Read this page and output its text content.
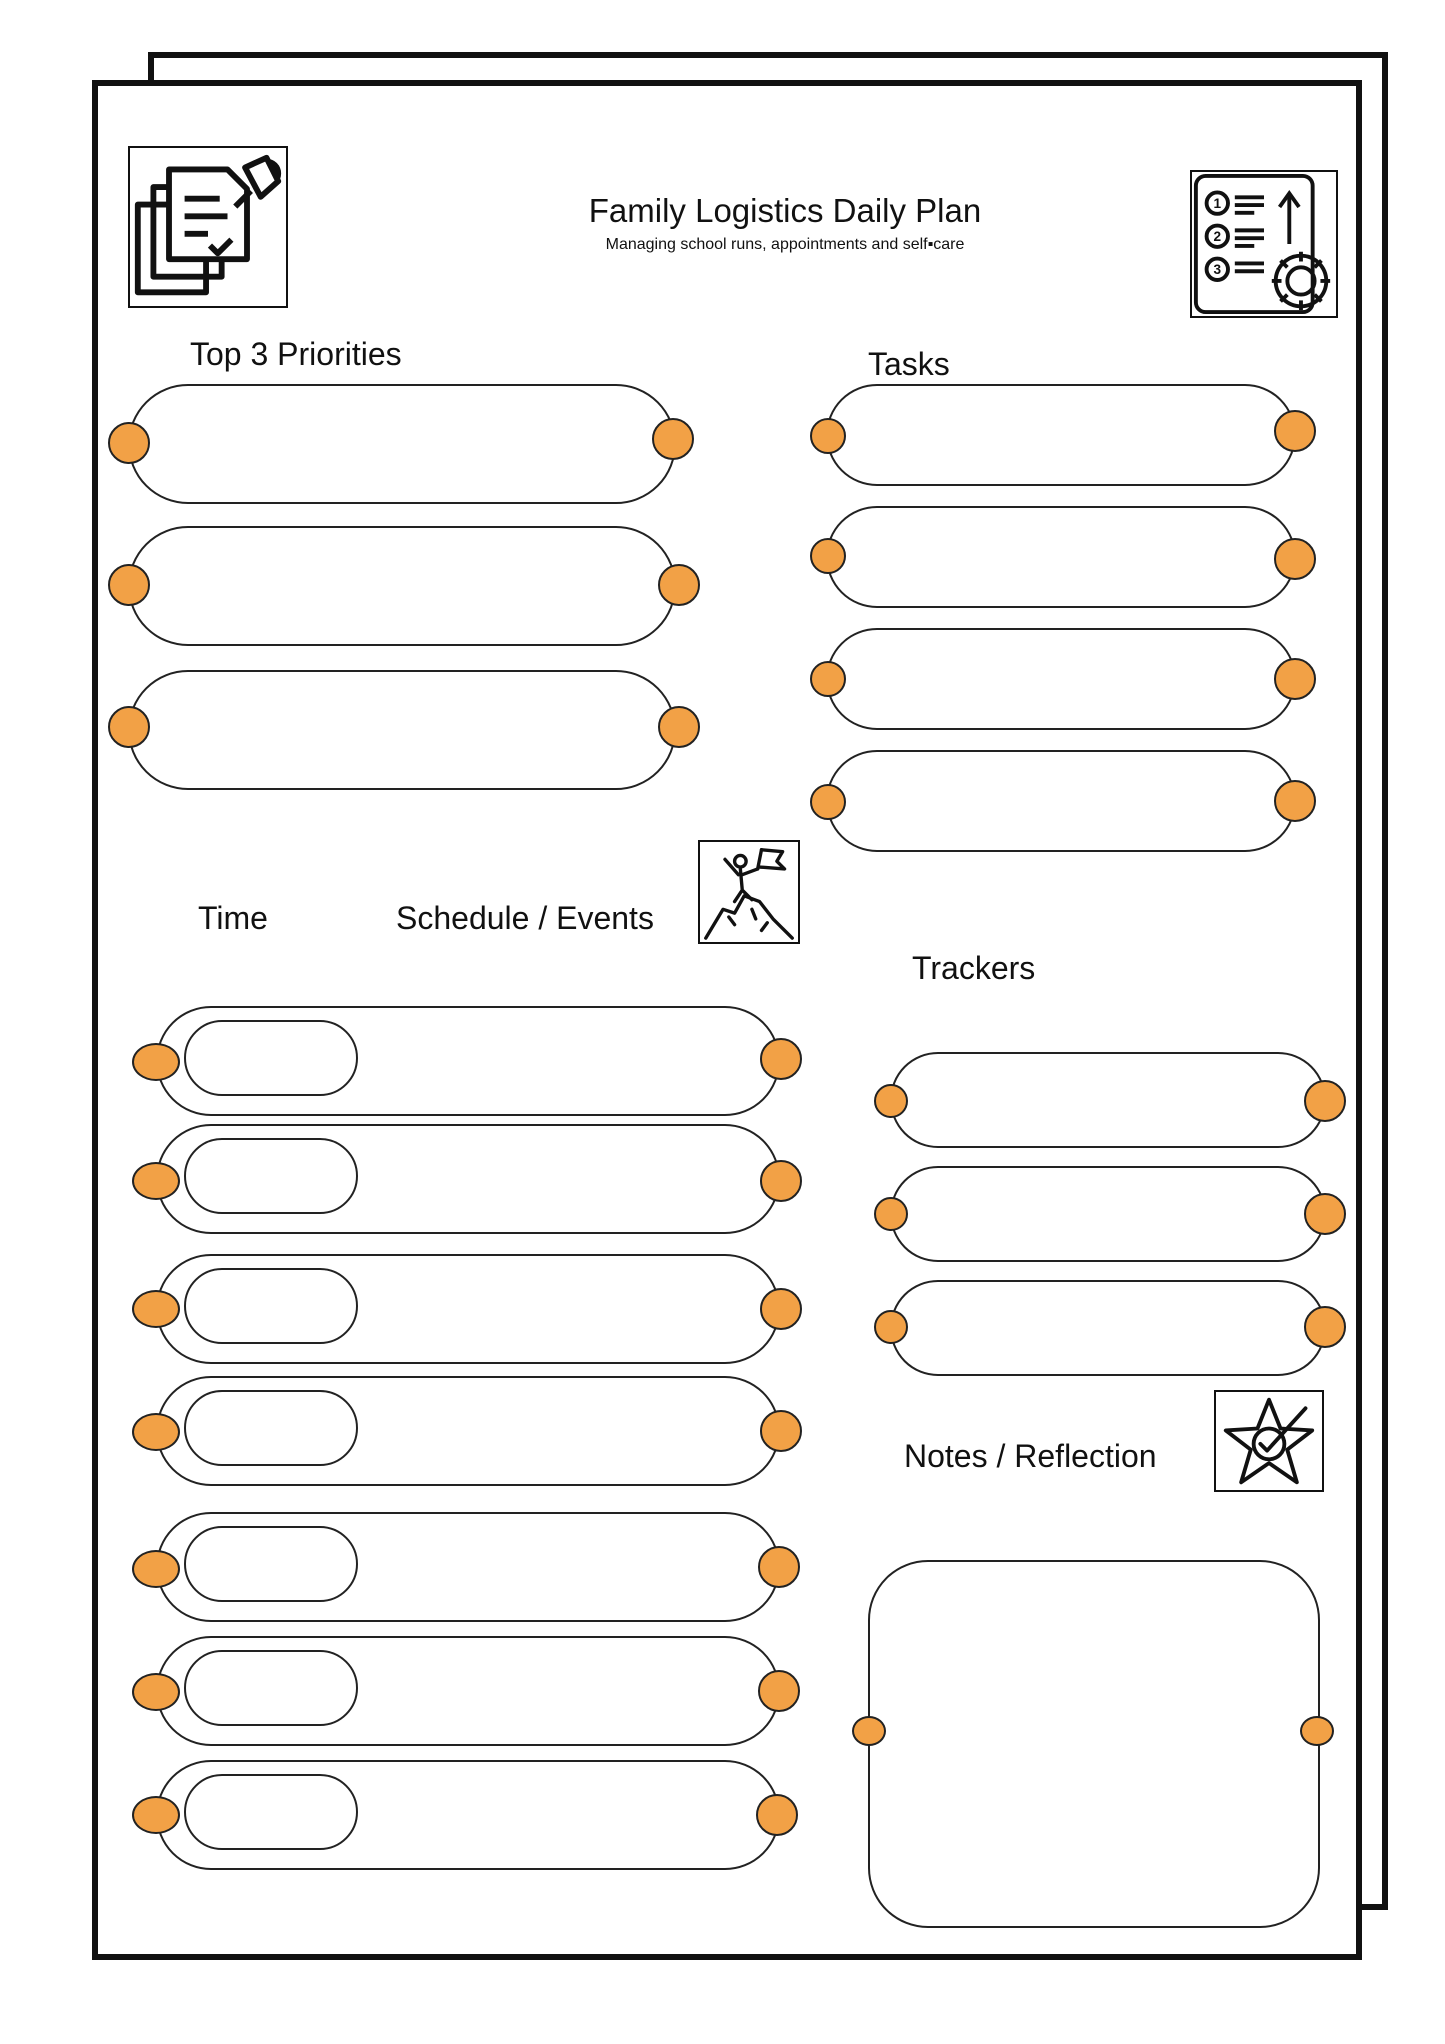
1
2
3
Family Logistics Daily Plan
Managing school runs, appointments and self▪care
Top 3 Priorities	Tasks
Time	Schedule / Events
Trackers
Notes / Reflection
